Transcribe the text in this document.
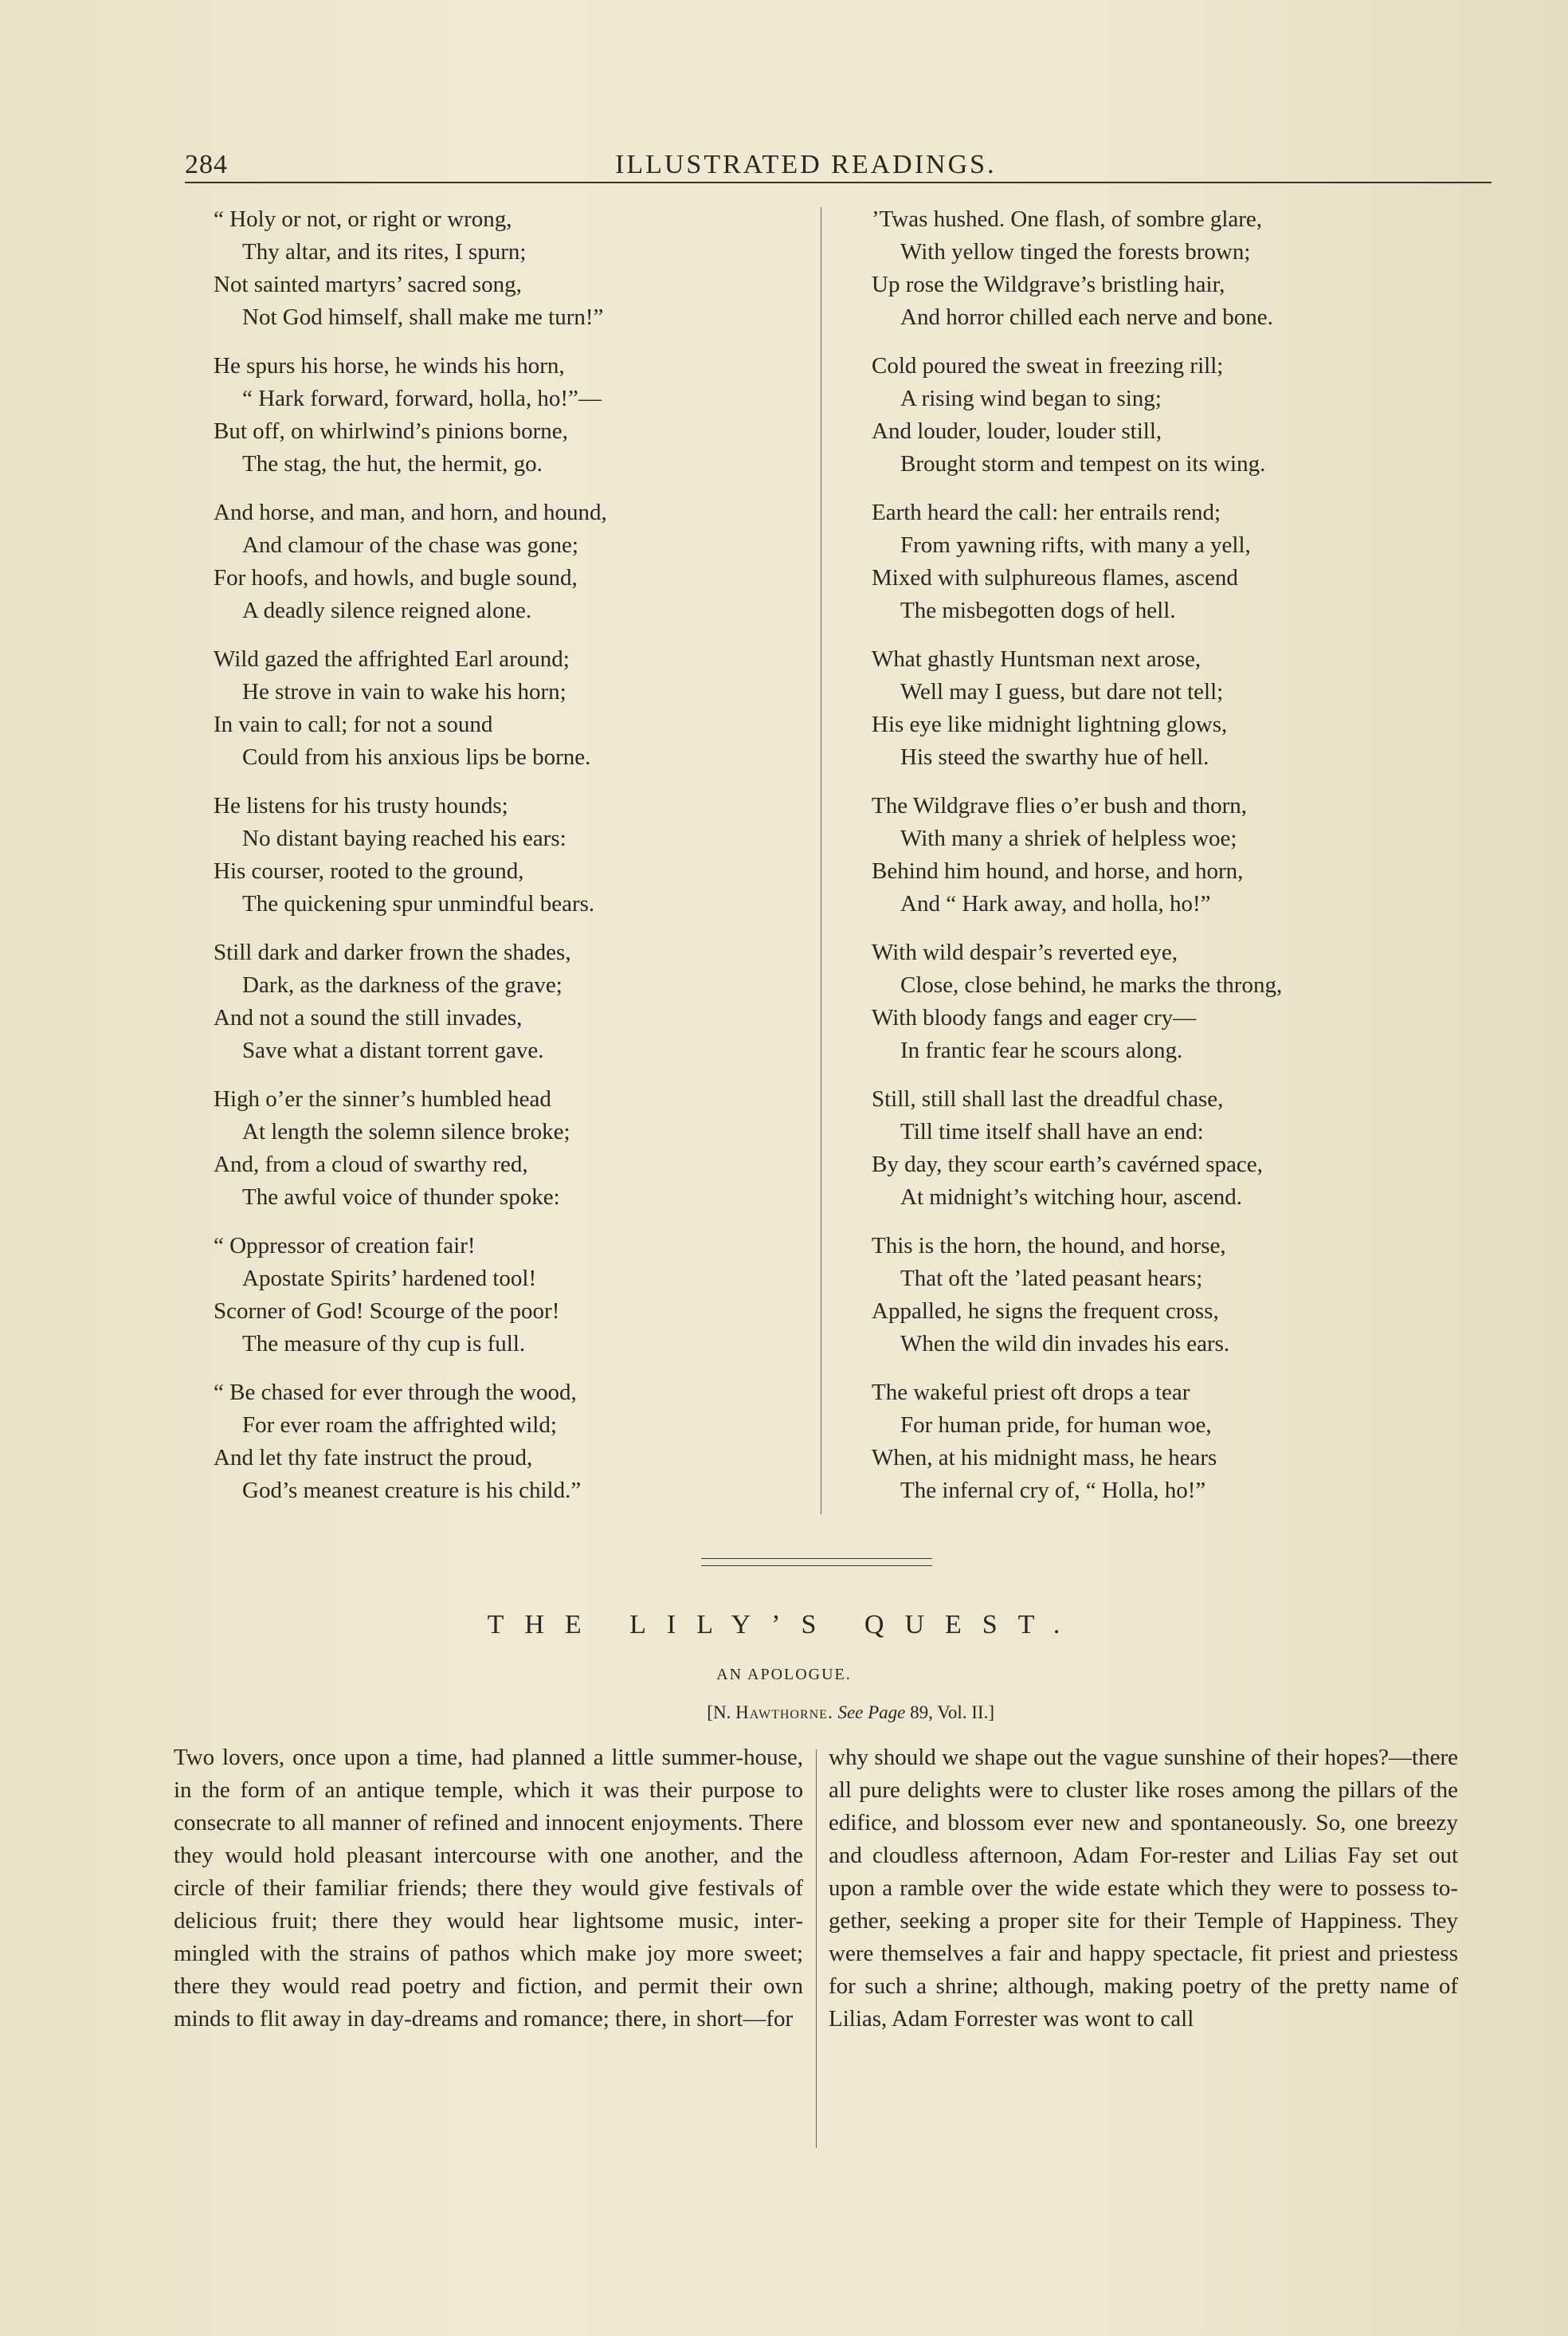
284	ILLUSTRATED READINGS.
“ Holy or not, or right or wrong,
Thy altar, and its rites, I spurn;
Not sainted martyrs’ sacred song,
Not God himself, shall make me turn!”
He spurs his horse, he winds his horn,
“ Hark forward, forward, holla, ho!”—
But off, on whirlwind’s pinions borne,
The stag, the hut, the hermit, go.
And horse, and man, and horn, and hound,
And clamour of the chase was gone;
For hoofs, and howls, and bugle sound,
A deadly silence reigned alone.
Wild gazed the affrighted Earl around;
He strove in vain to wake his horn;
In vain to call; for not a sound
Could from his anxious lips be borne.
He listens for his trusty hounds;
No distant baying reached his ears:
His courser, rooted to the ground,
The quickening spur unmindful bears.
Still dark and darker frown the shades,
Dark, as the darkness of the grave;
And not a sound the still invades,
Save what a distant torrent gave.
High o’er the sinner’s humbled head
At length the solemn silence broke;
And, from a cloud of swarthy red,
The awful voice of thunder spoke:
“ Oppressor of creation fair!
Apostate Spirits’ hardened tool!
Scorner of God! Scourge of the poor!
The measure of thy cup is full.
“ Be chased for ever through the wood,
For ever roam the affrighted wild;
And let thy fate instruct the proud,
God’s meanest creature is his child.”
’Twas hushed. One flash, of sombre glare,
With yellow tinged the forests brown;
Up rose the Wildgrave’s bristling hair,
And horror chilled each nerve and bone.
Cold poured the sweat in freezing rill;
A rising wind began to sing;
And louder, louder, louder still,
Brought storm and tempest on its wing.
Earth heard the call: her entrails rend;
From yawning rifts, with many a yell,
Mixed with sulphureous flames, ascend
The misbegotten dogs of hell.
What ghastly Huntsman next arose,
Well may I guess, but dare not tell;
His eye like midnight lightning glows,
His steed the swarthy hue of hell.
The Wildgrave flies o’er bush and thorn,
With many a shriek of helpless woe;
Behind him hound, and horse, and horn,
And “ Hark away, and holla, ho!”
With wild despair’s reverted eye,
Close, close behind, he marks the throng,
With bloody fangs and eager cry—
In frantic fear he scours along.
Still, still shall last the dreadful chase,
Till time itself shall have an end:
By day, they scour earth’s cavérned space,
At midnight’s witching hour, ascend.
This is the horn, the hound, and horse,
That oft the ’lated peasant hears;
Appalled, he signs the frequent cross,
When the wild din invades his ears.
The wakeful priest oft drops a tear
For human pride, for human woe,
When, at his midnight mass, he hears
The infernal cry of, “ Holla, ho!”
THE LILY’S QUEST.
AN APOLOGUE.
[N. Hawthorne. See Page 89, Vol. II.]
Two lovers, once upon a time, had planned a little summer-house, in the form of an antique temple, which it was their purpose to consecrate to all manner of refined and innocent enjoyments. There they would hold pleasant intercourse with one another, and the circle of their familiar friends; there they would give festivals of delicious fruit; there they would hear lightsome music, inter-mingled with the strains of pathos which make joy more sweet; there they would read poetry and fiction, and permit their own minds to flit away in day-dreams and romance; there, in short—for
why should we shape out the vague sunshine of their hopes?—there all pure delights were to cluster like roses among the pillars of the edifice, and blossom ever new and spontaneously. So, one breezy and cloudless afternoon, Adam For-rester and Lilias Fay set out upon a ramble over the wide estate which they were to possess to-gether, seeking a proper site for their Temple of Happiness. They were themselves a fair and happy spectacle, fit priest and priestess for such a shrine; although, making poetry of the pretty name of Lilias, Adam Forrester was wont to call
